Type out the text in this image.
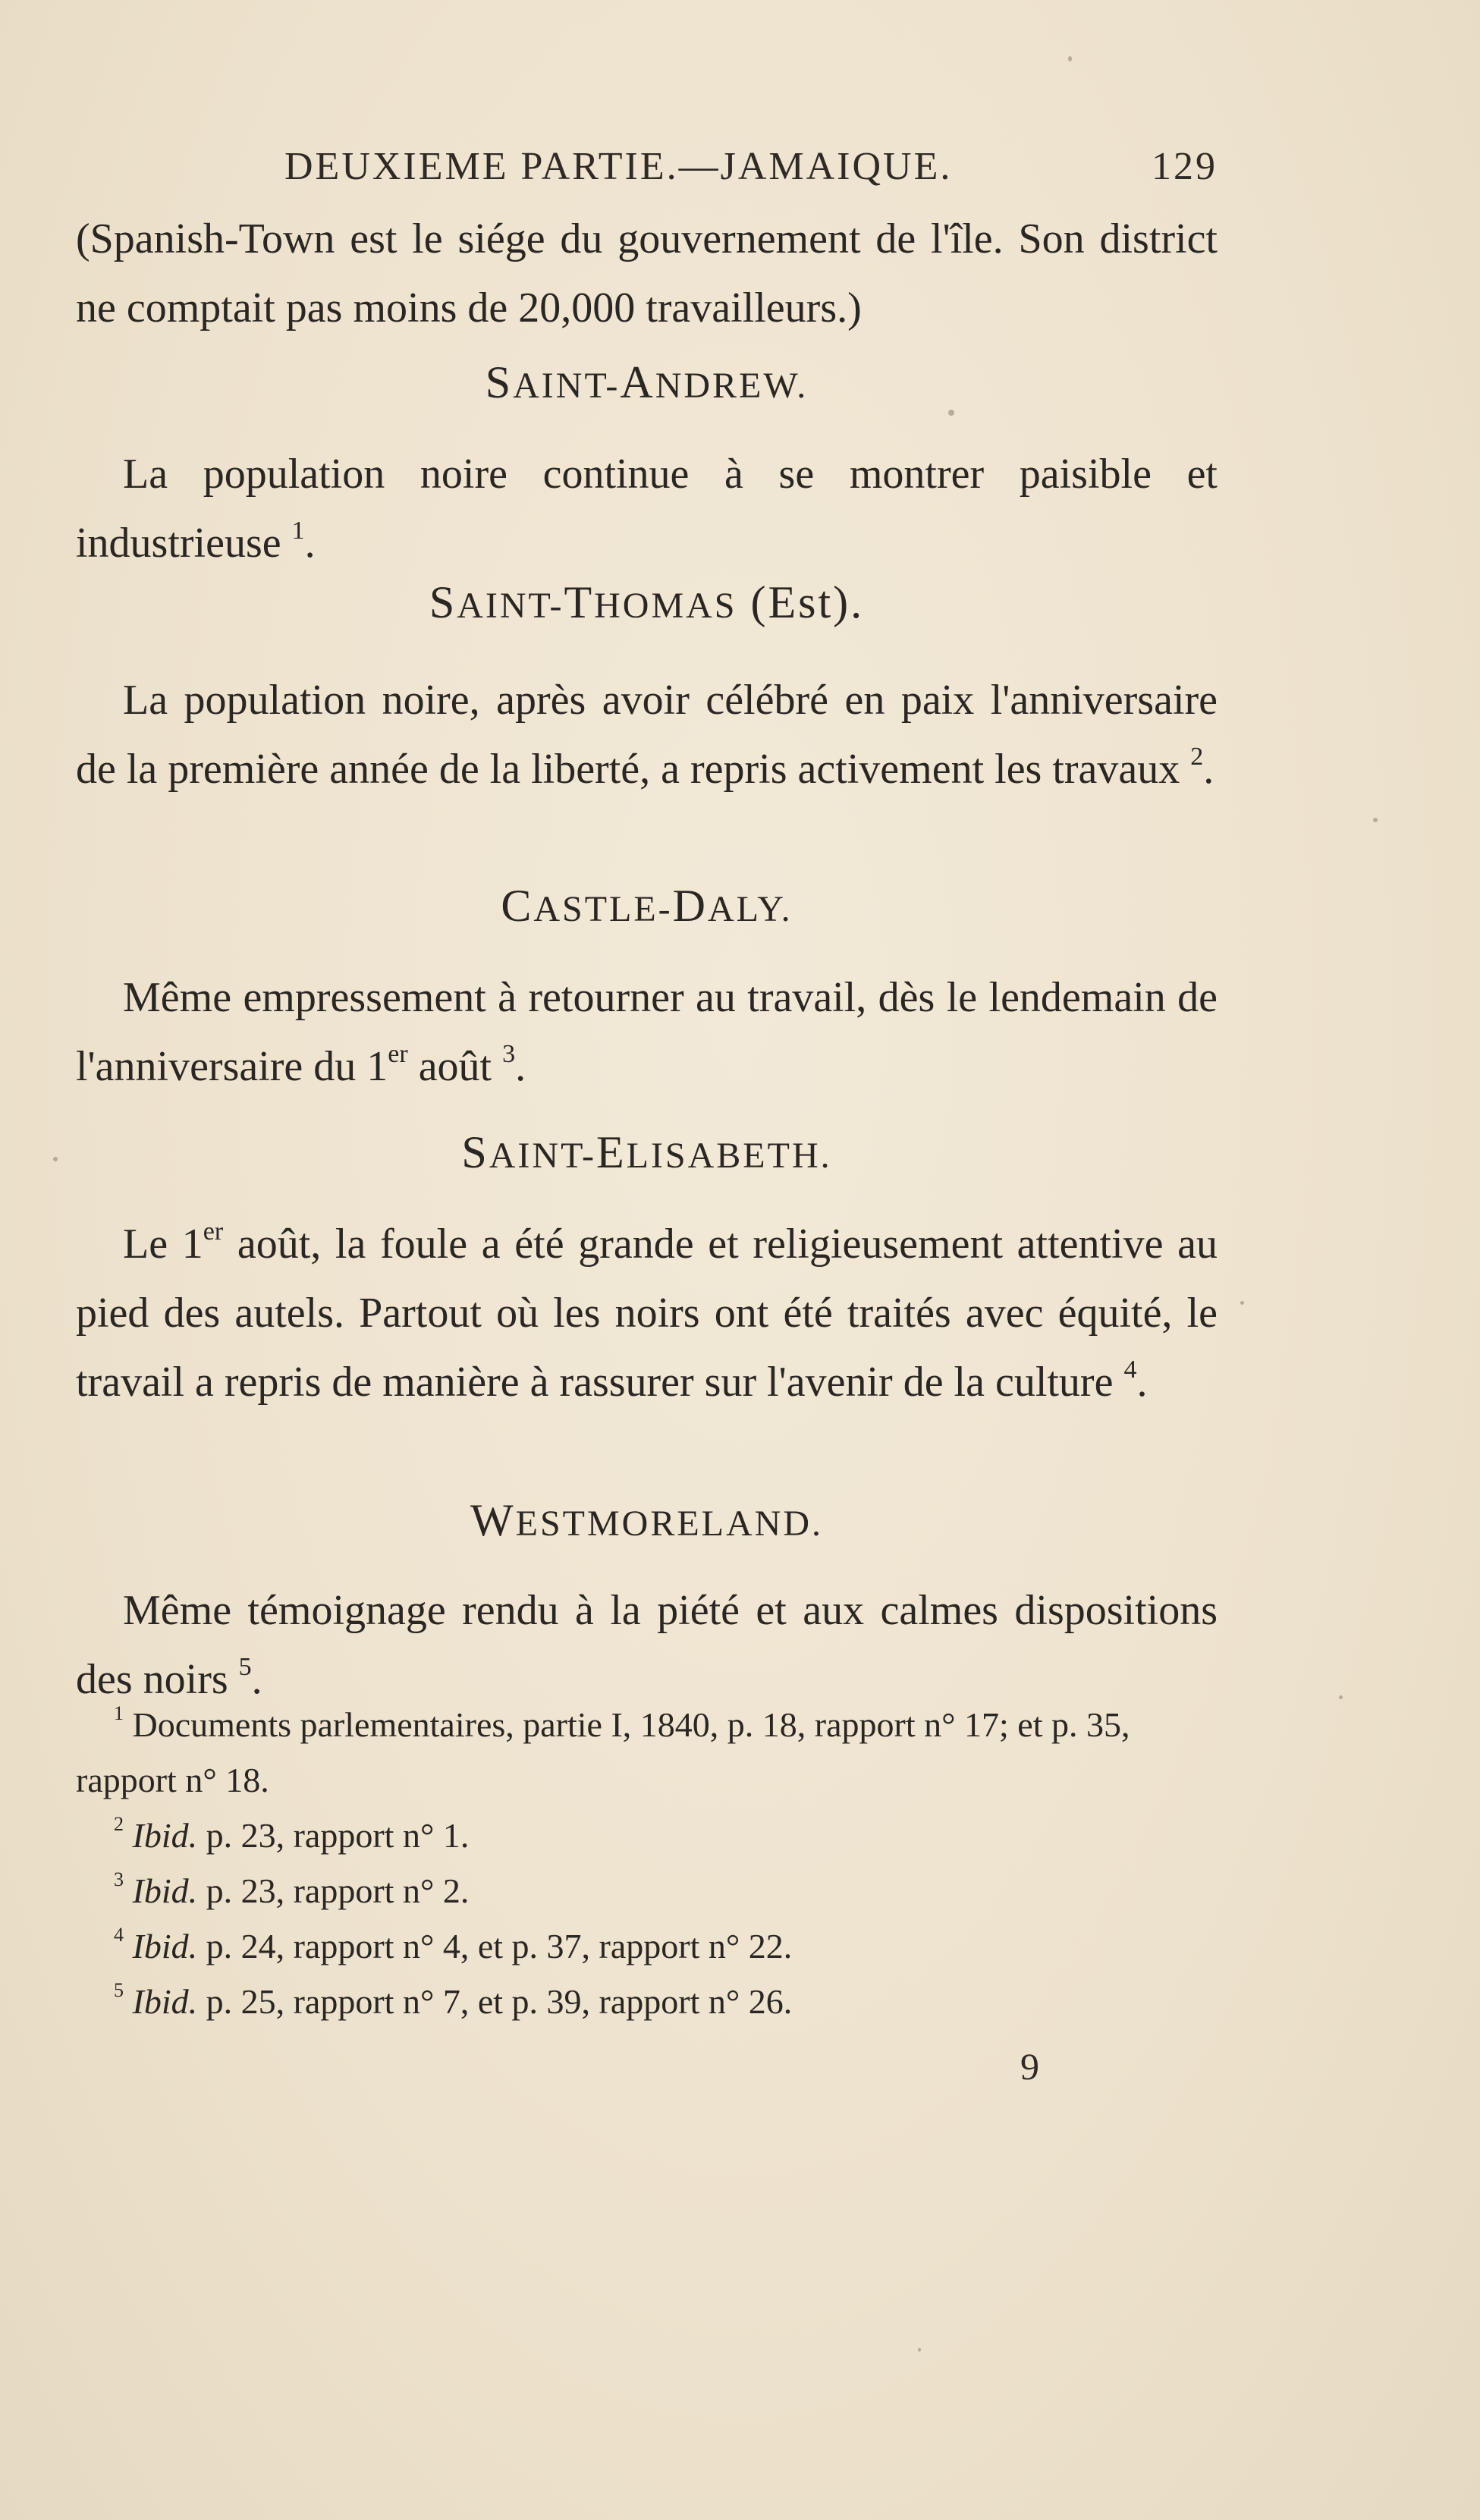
DEUXIEME PARTIE.—JAMAIQUE.	129

(Spanish-Town est le siége du gouvernement de l'île. Son district ne comptait pas moins de 20,000 travailleurs.)

SAINT-ANDREW.

La population noire continue à se montrer paisible et industrieuse $^1$.

SAINT-THOMAS (Est).

La population noire, après avoir célébré en paix l'anniversaire de la première année de la liberté, a repris activement les travaux $^2$.

CASTLE-DALY.

Même empressement à retourner au travail, dès le lendemain de l'anniversaire du 1er août $^3$.

SAINT-ELISABETH.

Le 1er août, la foule a été grande et religieusement attentive au pied des autels. Partout où les noirs ont été traités avec équité, le travail a repris de manière à rassurer sur l'avenir de la culture $^4$.

WESTMORELAND.

Même témoignage rendu à la piété et aux calmes dispositions des noirs $^5$.

$^1$ Documents parlementaires, partie I, 1840, p. 18, rapport n° 17; et p. 35, rapport n° 18.

$^2$ Ibid. p. 23, rapport n° 1.

$^3$ Ibid. p. 23, rapport n° 2.

$^4$ Ibid. p. 24, rapport n° 4, et p. 37, rapport n° 22.

$^5$ Ibid. p. 25, rapport n° 7, et p. 39, rapport n° 26.

9
